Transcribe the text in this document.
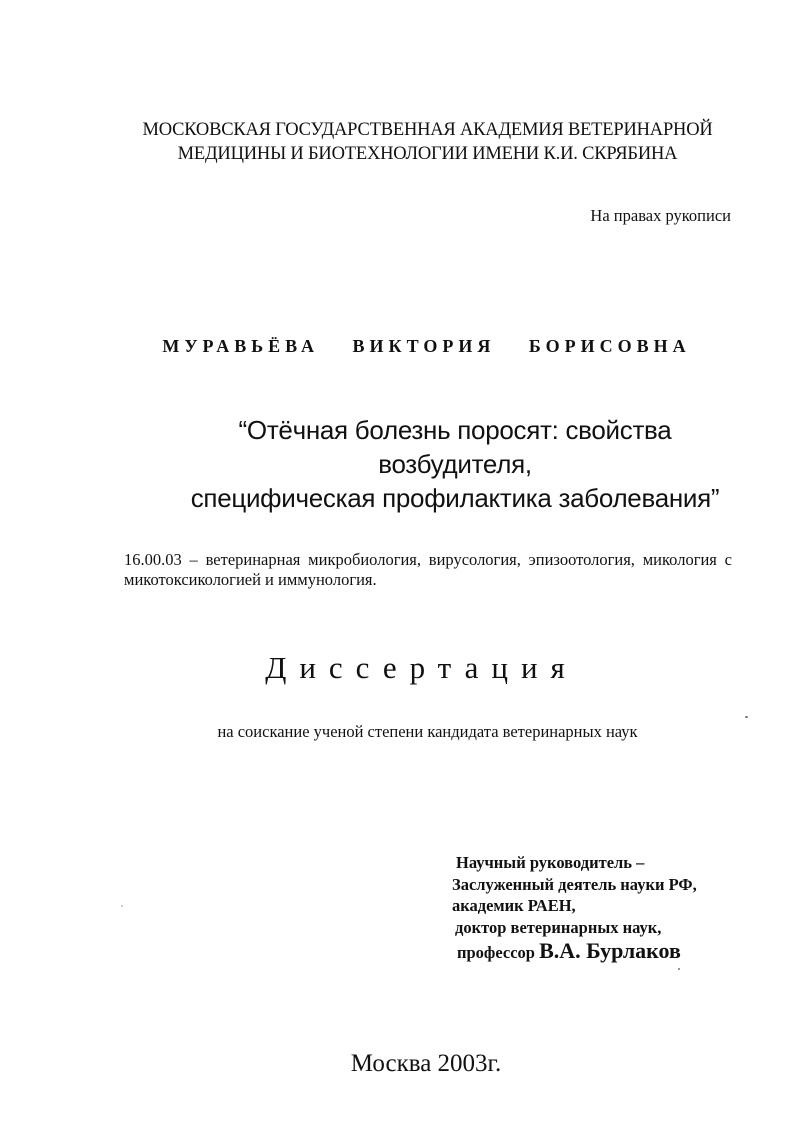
МОСКОВСКАЯ ГОСУДАРСТВЕННАЯ АКАДЕМИЯ ВЕТЕРИНАРНОЙ
МЕДИЦИНЫ И БИОТЕХНОЛОГИИ ИМЕНИ К.И. СКРЯБИНА
На правах рукописи
МУРАВЬЁВА ВИКТОРИЯ БОРИСОВНА
“Отёчная болезнь поросят: свойства
возбудителя,
специфическая профилактика заболевания”
16.00.03 – ветеринарная микробиология, вирусология, эпизоотология, микология с микотоксикологией и иммунология.
Диссертация
на соискание ученой степени кандидата ветеринарных наук
Научный руководитель –
Заслуженный деятель науки РФ,
академик РАЕН,
доктор ветеринарных наук,
профессор В.А. Бурлаков
Москва 2003г.
